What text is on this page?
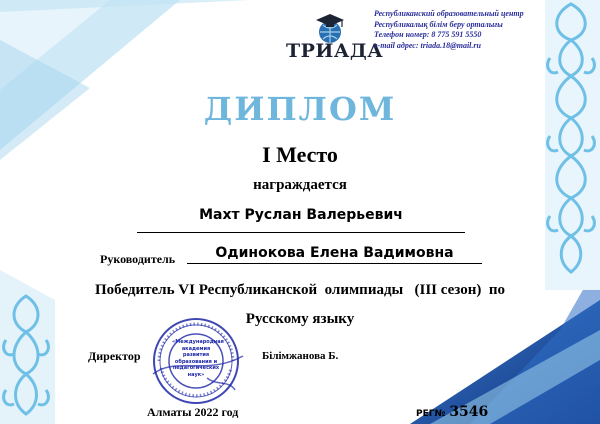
ТРИАДА
Республиканский образовательный центр
Республикалық білім беру орталығы
Телефон номер: 8 775 591 5550
e-mail адрес: triada.18@mail.ru
ДИПЛОМ
I Место
награждается
Махт Руслан Валерьевич
Руководитель	Одинокова Елена Вадимовна
Победитель VI Республиканской  олимпиады   (III сезон)  по
Русскому языку
Директор
«Международная академия развития образования и педагогических наук»
Білімжанова Б.
Алматы 2022 год	РЕГ№ 3546
